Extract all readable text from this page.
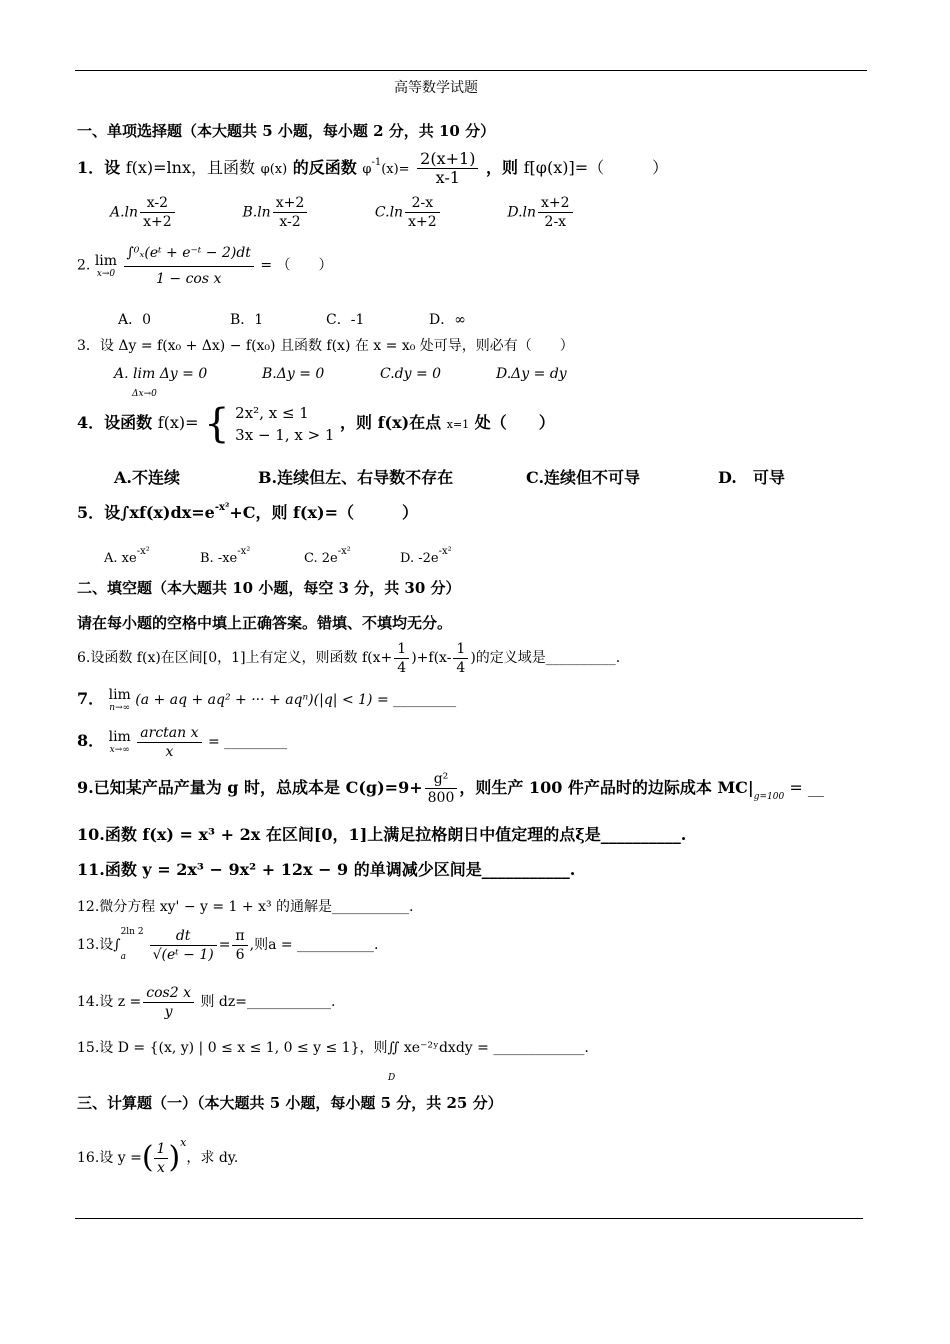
高等数学试题
一、单项选择题（本大题共 5 小题，每小题 2 分，共 10 分）
1．设 f(x)=lnx，且函数 φ(x) 的反函数 $\varphi^{-1}(x)= \frac{2(x+1)}{x-1}$ ，则 f[φ(x)]=（　　　）
$A.\ln \frac{x-2}{x+2}$	$B.\ln \frac{x+2}{x-2}$	$C.\ln \frac{2-x}{x+2}$	$D.\ln \frac{x+2}{2-x}$
2. lim
x→0
$\frac{\text{∫⁰ₓ(eᵗ + e⁻ᵗ − 2)dt}}{\text{1 − cos x}}$ = （　　）
A．0	B．1	C．-1	D．∞
3．设 Δy = f(x₀ + Δx) − f(x₀) 且函数 f(x) 在 x = x₀ 处可导，则必有（　　）
A. lim Δy = 0	B.Δy = 0	C.dy = 0	D.Δy = dy
Δx→0
4．设函数 f(x)= { 2x², x ≤ 1
3x − 1, x > 1
，则 f(x)在点 x=1 处（　　）
A.不连续	B.连续但左、右导数不存在	C.连续但不可导	D.　可导
5．设$\int xf(x)dx=e^{-x^2}+C$，则 f(x)=（　　　）
A. $xe^{-x^2}$	B. $-xe^{-x^2}$	C. $2e^{-x^2}$	D. $-2e^{-x^2}$
二、填空题（本大题共 10 小题，每空 3 分，共 30 分）
请在每小题的空格中填上正确答案。错填、不填均无分。
6.设函数 f(x)在区间[0，1]上有定义，则函数 $f(x+ \frac{1}{4} )+f(x- \frac{1}{4}$ )的定义域是__________.
7． lim
n→∞ (a + aq + aq² + ··· + aqⁿ)(|q| < 1) = _________
8． lim
x→∞
$\frac{\text{arctan x}}{x}$ = _________
9.已知某产品产量为 g 时，总成本是 $C(g)=9+ \frac{\text{g²}}{800}$ ，则生产 100 件产品时的边际成本 $MC|_{g=100}$ = __
10.函数 f(x) = x³ + 2x 在区间[0，1]上满足拉格朗日中值定理的点ξ是__________.
11.函数 y = 2x³ − 9x² + 12x − 9 的单调减少区间是___________.
12.微分方程 xy' − y = 1 + x³ 的通解是___________.
13.设∫
2ln 2
a	$\frac{dt}{\text{√(eᵗ − 1)}} = \frac{\pi}{6}$ ,则a = ___________.
14.设 $z = \frac{\cos 2 x}{y}$ 则 dz=____________.
15.设 D = {(x, y) | 0 ≤ x ≤ 1, 0 ≤ y ≤ 1}，则∬ xe⁻²ʸdxdy = _____________.
D
三、计算题（一）（本大题共 5 小题，每小题 5 分，共 25 分）
16.设 y =( $\frac{1}{x} )^x$，求 dy.
